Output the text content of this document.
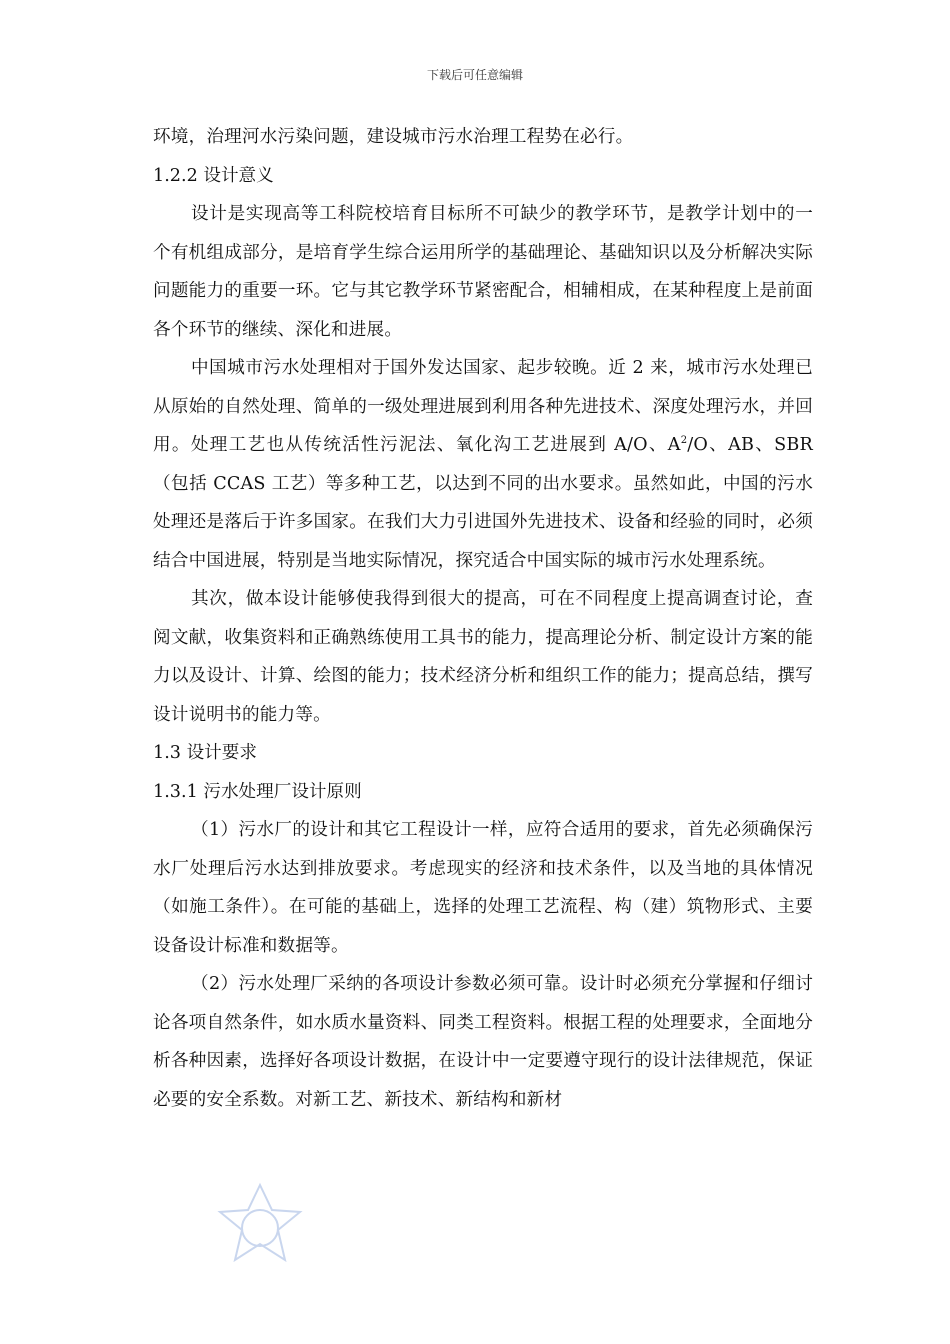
下载后可任意编辑

环境，治理河水污染问题，建设城市污水治理工程势在必行。

1.2.2 设计意义

设计是实现高等工科院校培育目标所不可缺少的教学环节，是教学计划中的一个有机组成部分，是培育学生综合运用所学的基础理论、基础知识以及分析解决实际问题能力的重要一环。它与其它教学环节紧密配合，相辅相成，在某种程度上是前面各个环节的继续、深化和进展。

中国城市污水处理相对于国外发达国家、起步较晚。近 2 来，城市污水处理已从原始的自然处理、简单的一级处理进展到利用各种先进技术、深度处理污水，并回用。处理工艺也从传统活性污泥法、氧化沟工艺进展到 A/O、$A^2/O$、AB、SBR（包括 CCAS 工艺）等多种工艺，以达到不同的出水要求。虽然如此，中国的污水处理还是落后于许多国家。在我们大力引进国外先进技术、设备和经验的同时，必须结合中国进展，特别是当地实际情况，探究适合中国实际的城市污水处理系统。

其次，做本设计能够使我得到很大的提高，可在不同程度上提高调查讨论，查阅文献，收集资料和正确熟练使用工具书的能力，提高理论分析、制定设计方案的能力以及设计、计算、绘图的能力；技术经济分析和组织工作的能力；提高总结，撰写设计说明书的能力等。

1.3 设计要求

1.3.1 污水处理厂设计原则

（1）污水厂的设计和其它工程设计一样，应符合适用的要求，首先必须确保污水厂处理后污水达到排放要求。考虑现实的经济和技术条件，以及当地的具体情况（如施工条件）。在可能的基础上，选择的处理工艺流程、构（建）筑物形式、主要设备设计标准和数据等。

（2）污水处理厂采纳的各项设计参数必须可靠。设计时必须充分掌握和仔细讨论各项自然条件，如水质水量资料、同类工程资料。根据工程的处理要求，全面地分析各种因素，选择好各项设计数据，在设计中一定要遵守现行的设计法律规范，保证必要的安全系数。对新工艺、新技术、新结构和新材
